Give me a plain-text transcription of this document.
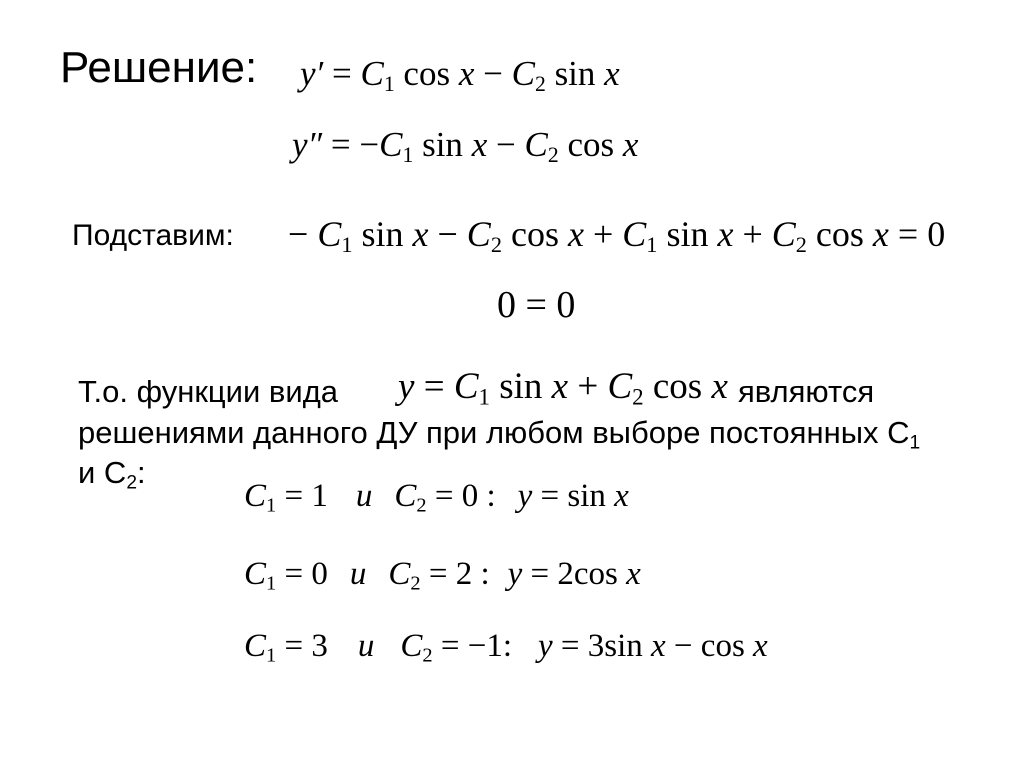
Решение: $y' = C_1$ $\cos x - C_2$ sin x
$y'' = -C_1$ $\sin x - C_2$ cos x
Подставим: − $C_1$ $\sin x - C_2$ $\cos x + C_1$ $\sin x + C_2$ cos x = 0
0 = 0
Т.о. функции вида $y = C_1$ $\sin x + C_2$ cos x являются
решениями данного ДУ при любом выборе постоянных $С_1$
и $С_2$:
$C_1 = 1$ и $C_2 = 0$ : y = sin x
$C_1 = 0$ и $C_2 = 2$ : y = 2cos x
$C_1 = 3$ и $C_2 = -1$: y = 3sin x − cos x
